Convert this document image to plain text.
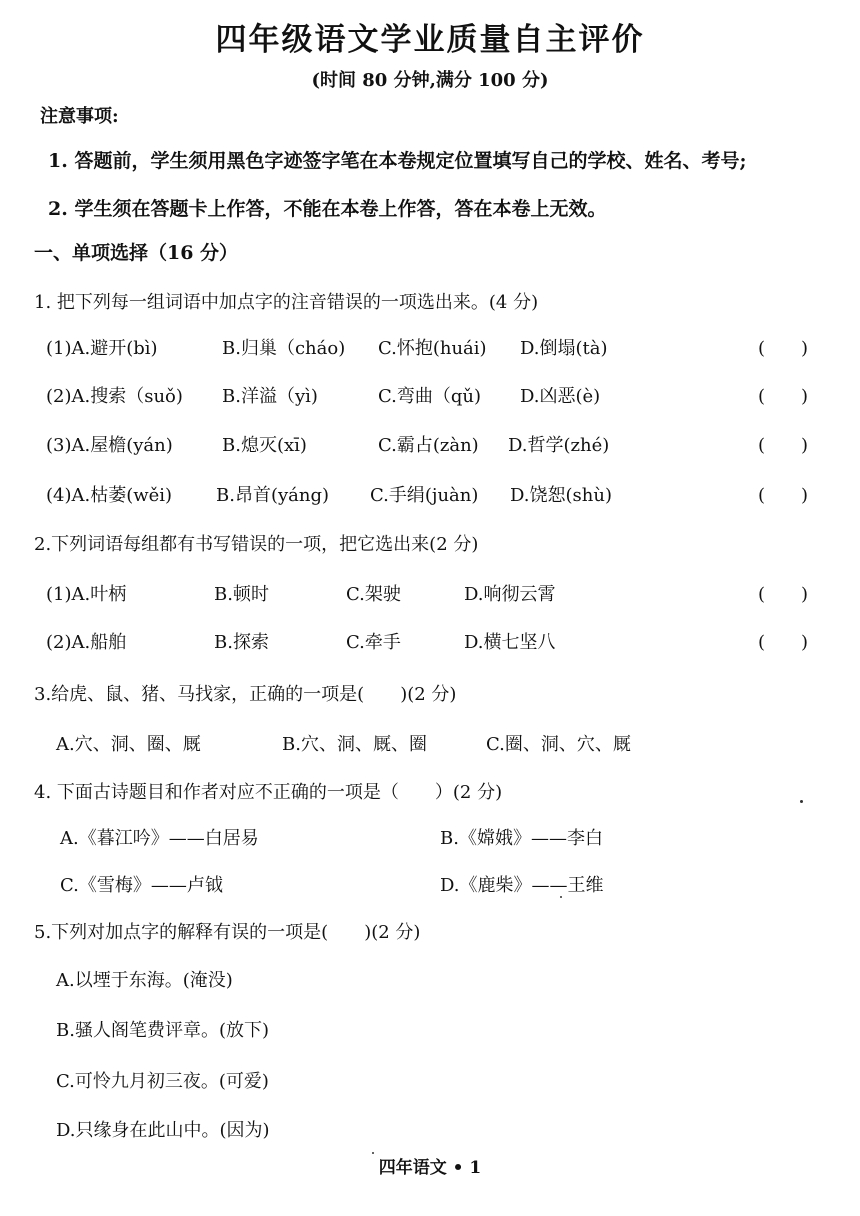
四年级语文学业质量自主评价
(时间 80 分钟,满分 100 分)
注意事项:
1. 答题前，学生须用黑色字迹签字笔在本卷规定位置填写自己的学校、姓名、考号;
2. 学生须在答题卡上作答，不能在本卷上作答，答在本卷上无效。
一、单项选择（16 分）
1. 把下列每一组词语中加点字的注音错误的一项选出来。(4 分)
(1)A.避开(bì)	B.归巢（cháo) C.怀抱(huái) D.倒塌(tà)	(　　)
(2)A.搜索（suǒ) B.洋溢（yì)	C.弯曲（qǔ) D.凶恶(è)	(　　)
(3)A.屋檐(yán)	B.熄灭(xī)	C.霸占(zàn) D.哲学(zhé)	(　　)
(4)A.枯萎(wěi) B.昂首(yáng) C.手绢(juàn) D.饶恕(shù)	(　　)
2.下列词语每组都有书写错误的一项，把它选出来(2 分)
(1)A.叶柄	B.顿时	C.架驶	D.响彻云霄	(　　)
(2)A.船舶	B.探索	C.牵手	D.横七坚八	(　　)
3.给虎、鼠、猪、马找家，正确的一项是(　　)(2 分)
A.穴、洞、圈、厩	B.穴、洞、厩、圈	C.圈、洞、穴、厩
4. 下面古诗题目和作者对应不正确的一项是（　　）(2 分)
A.《暮江吟》——白居易	B.《嫦娥》——李白
C.《雪梅》——卢钺	D.《鹿柴》——王维
5.下列对加点字的解释有误的一项是(　　)(2 分)
A.以堙于东海。(淹没)
B.骚人阁笔费评章。(放下)
C.可怜九月初三夜。(可爱)
D.只缘身在此山中。(因为)
四年语文 • 1
